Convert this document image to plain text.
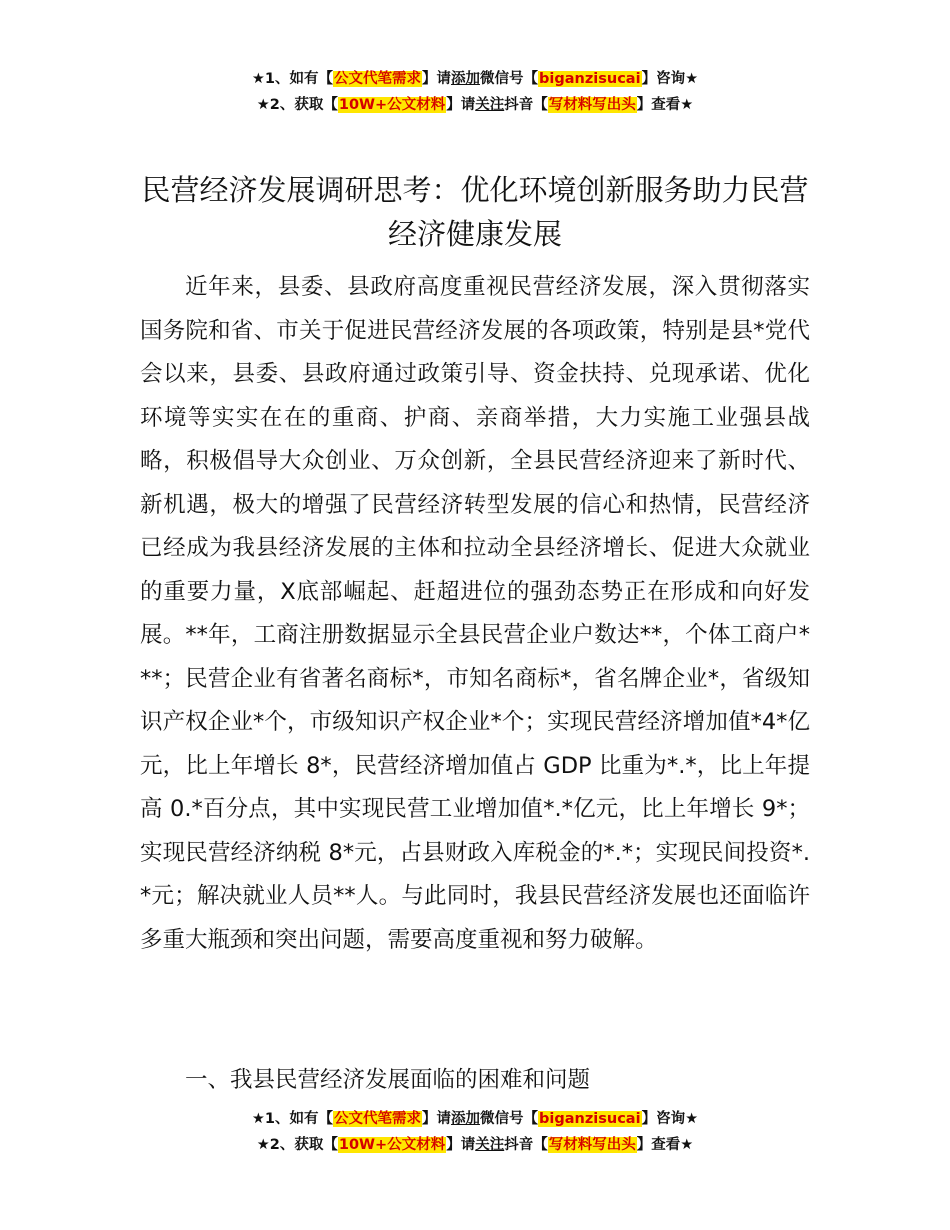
★1、如有【公文代笔需求】请添加微信号【biganzisucai】咨询★
★2、获取【10W+公文材料】请关注抖音【写材料写出头】查看★
民营经济发展调研思考：优化环境创新服务助力民营经济健康发展

近年来，县委、县政府高度重视民营经济发展，深入贯彻落实国务院和省、市关于促进民营经济发展的各项政策，特别是县*党代会以来，县委、县政府通过政策引导、资金扶持、兑现承诺、优化环境等实实在在的重商、护商、亲商举措，大力实施工业强县战略，积极倡导大众创业、万众创新，全县民营经济迎来了新时代、新机遇，极大的增强了民营经济转型发展的信心和热情，民营经济已经成为我县经济发展的主体和拉动全县经济增长、促进大众就业的重要力量，X底部崛起、赶超进位的强劲态势正在形成和向好发展。**年，工商注册数据显示全县民营企业户数达**，个体工商户***；民营企业有省著名商标*，市知名商标*，省名牌企业*，省级知识产权企业*个，市级知识产权企业*个；实现民营经济增加值*4*亿元，比上年增长 8*，民营经济增加值占 GDP 比重为*.*，比上年提高 0.*百分点，其中实现民营工业增加值*.*亿元，比上年增长 9*；实现民营经济纳税 8*元，占县财政入库税金的*.*；实现民间投资*.*元；解决就业人员**人。与此同时，我县民营经济发展也还面临许多重大瓶颈和突出问题，需要高度重视和努力破解。

一、我县民营经济发展面临的困难和问题

★1、如有【公文代笔需求】请添加微信号【biganzisucai】咨询★
★2、获取【10W+公文材料】请关注抖音【写材料写出头】查看★
